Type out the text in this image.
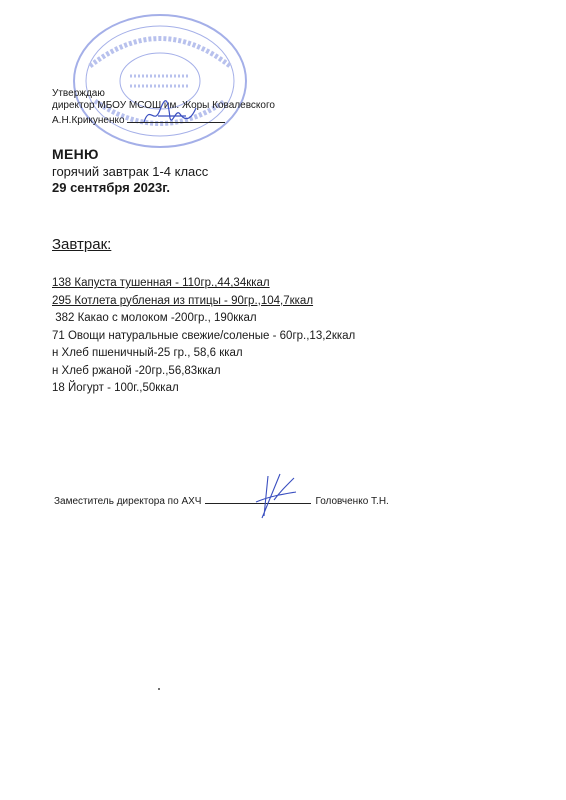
Утверждаю
директор МБОУ МСОШ им. Жоры Ковалевского
А.Н.Крикуненко
МЕНЮ
горячий завтрак 1-4 класс
29 сентября 2023г.
Завтрак:
138 Капуста тушенная - 110гр.,44,34ккал
295 Котлета рубленая из птицы - 90гр.,104,7ккал
382 Какао с молоком -200гр., 190ккал
71 Овощи натуральные свежие/соленые - 60гр.,13,2ккал
н Хлеб пшеничный-25 гр., 58,6 ккал
н Хлеб ржаной -20гр.,56,83ккал
18 Йогурт - 100г.,50ккал
Заместитель директора по АХЧ	Головченко Т.Н.
